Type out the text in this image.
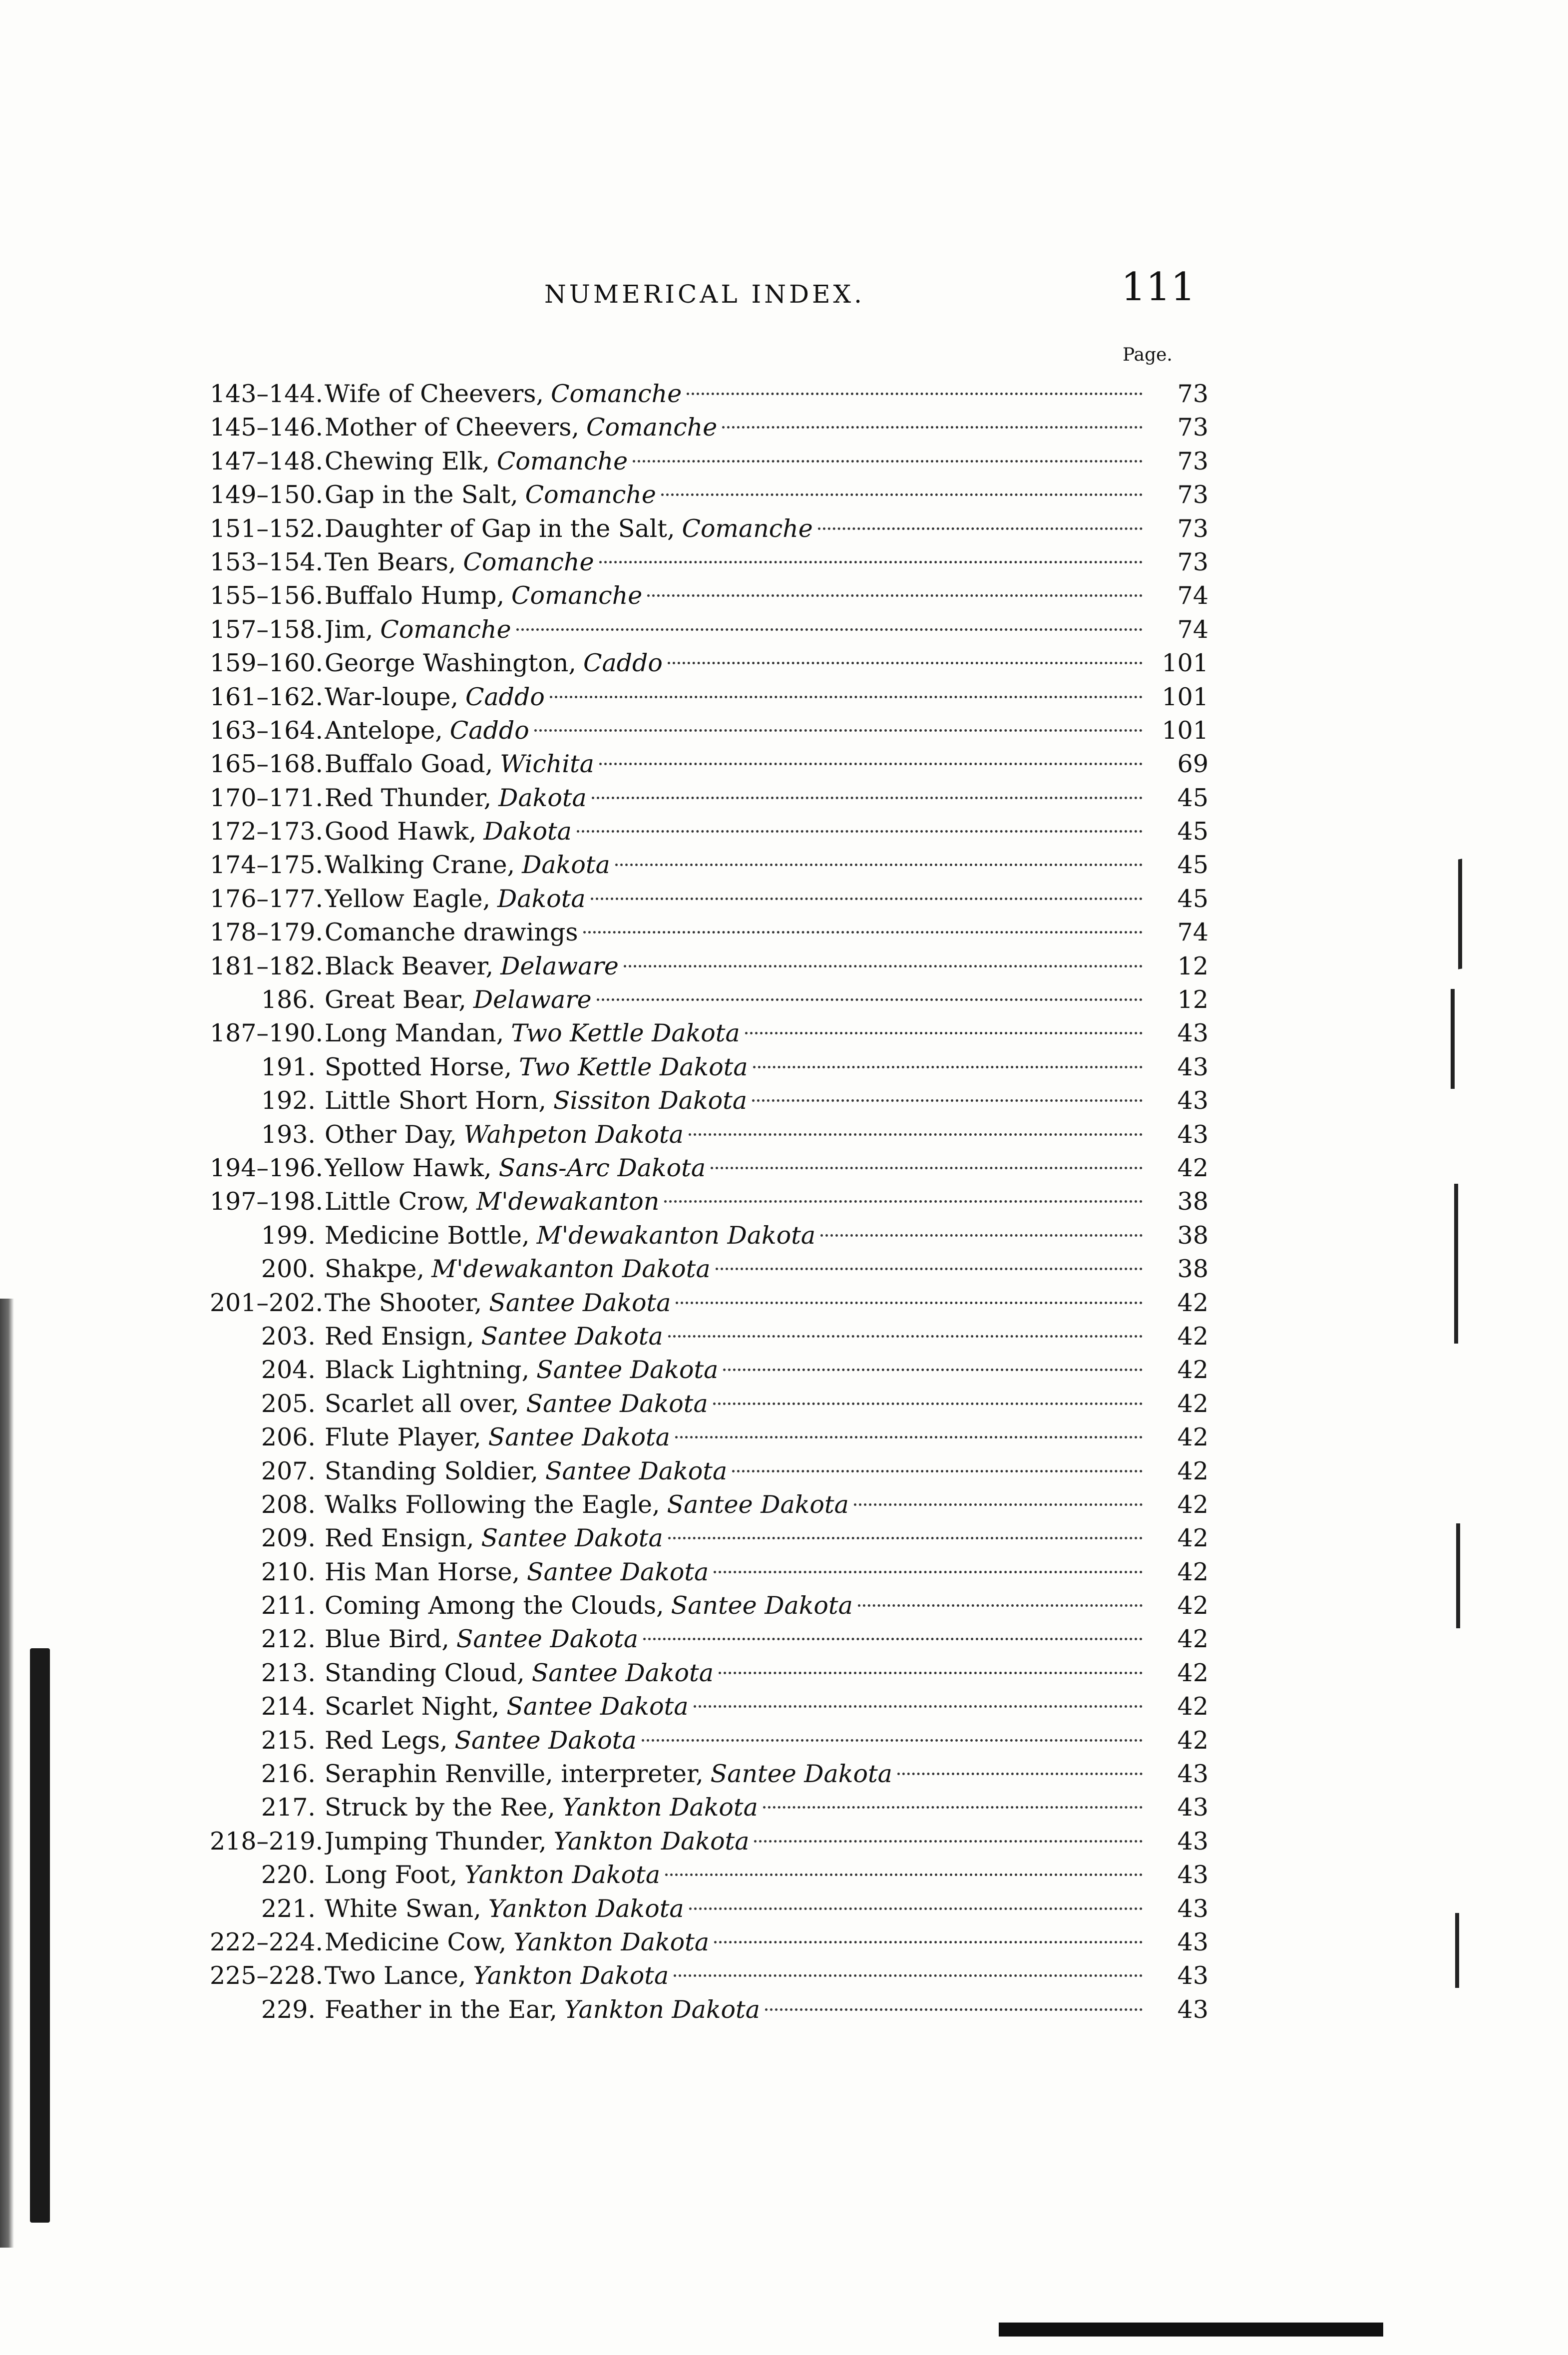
NUMERICAL INDEX.	111
Page.
143–144. Wife of Cheevers, Comanche	73
145–146. Mother of Cheevers, Comanche	73
147–148. Chewing Elk, Comanche	73
149–150. Gap in the Salt, Comanche	73
151–152. Daughter of Gap in the Salt, Comanche	73
153–154. Ten Bears, Comanche	73
155–156. Buffalo Hump, Comanche	74
157–158. Jim, Comanche	74
159–160. George Washington, Caddo	101
161–162. War-loupe, Caddo	101
163–164. Antelope, Caddo	101
165–168. Buffalo Goad, Wichita	69
170–171. Red Thunder, Dakota	45
172–173. Good Hawk, Dakota	45
174–175. Walking Crane, Dakota	45
176–177. Yellow Eagle, Dakota	45
178–179. Comanche drawings	74
181–182. Black Beaver, Delaware	12
186. Great Bear, Delaware	12
187–190. Long Mandan, Two Kettle Dakota	43
191. Spotted Horse, Two Kettle Dakota	43
192. Little Short Horn, Sissiton Dakota	43
193. Other Day, Wahpeton Dakota	43
194–196. Yellow Hawk, Sans-Arc Dakota	42
197–198. Little Crow, M'dewakanton	38
199. Medicine Bottle, M'dewakanton Dakota	38
200. Shakpe, M'dewakanton Dakota	38
201–202. The Shooter, Santee Dakota	42
203. Red Ensign, Santee Dakota	42
204. Black Lightning, Santee Dakota	42
205. Scarlet all over, Santee Dakota	42
206. Flute Player, Santee Dakota	42
207. Standing Soldier, Santee Dakota	42
208. Walks Following the Eagle, Santee Dakota	42
209. Red Ensign, Santee Dakota	42
210. His Man Horse, Santee Dakota	42
211. Coming Among the Clouds, Santee Dakota	42
212. Blue Bird, Santee Dakota	42
213. Standing Cloud, Santee Dakota	42
214. Scarlet Night, Santee Dakota	42
215. Red Legs, Santee Dakota	42
216. Seraphin Renville, interpreter, Santee Dakota	43
217. Struck by the Ree, Yankton Dakota	43
218–219. Jumping Thunder, Yankton Dakota	43
220. Long Foot, Yankton Dakota	43
221. White Swan, Yankton Dakota	43
222–224. Medicine Cow, Yankton Dakota	43
225–228. Two Lance, Yankton Dakota	43
229. Feather in the Ear, Yankton Dakota	43
